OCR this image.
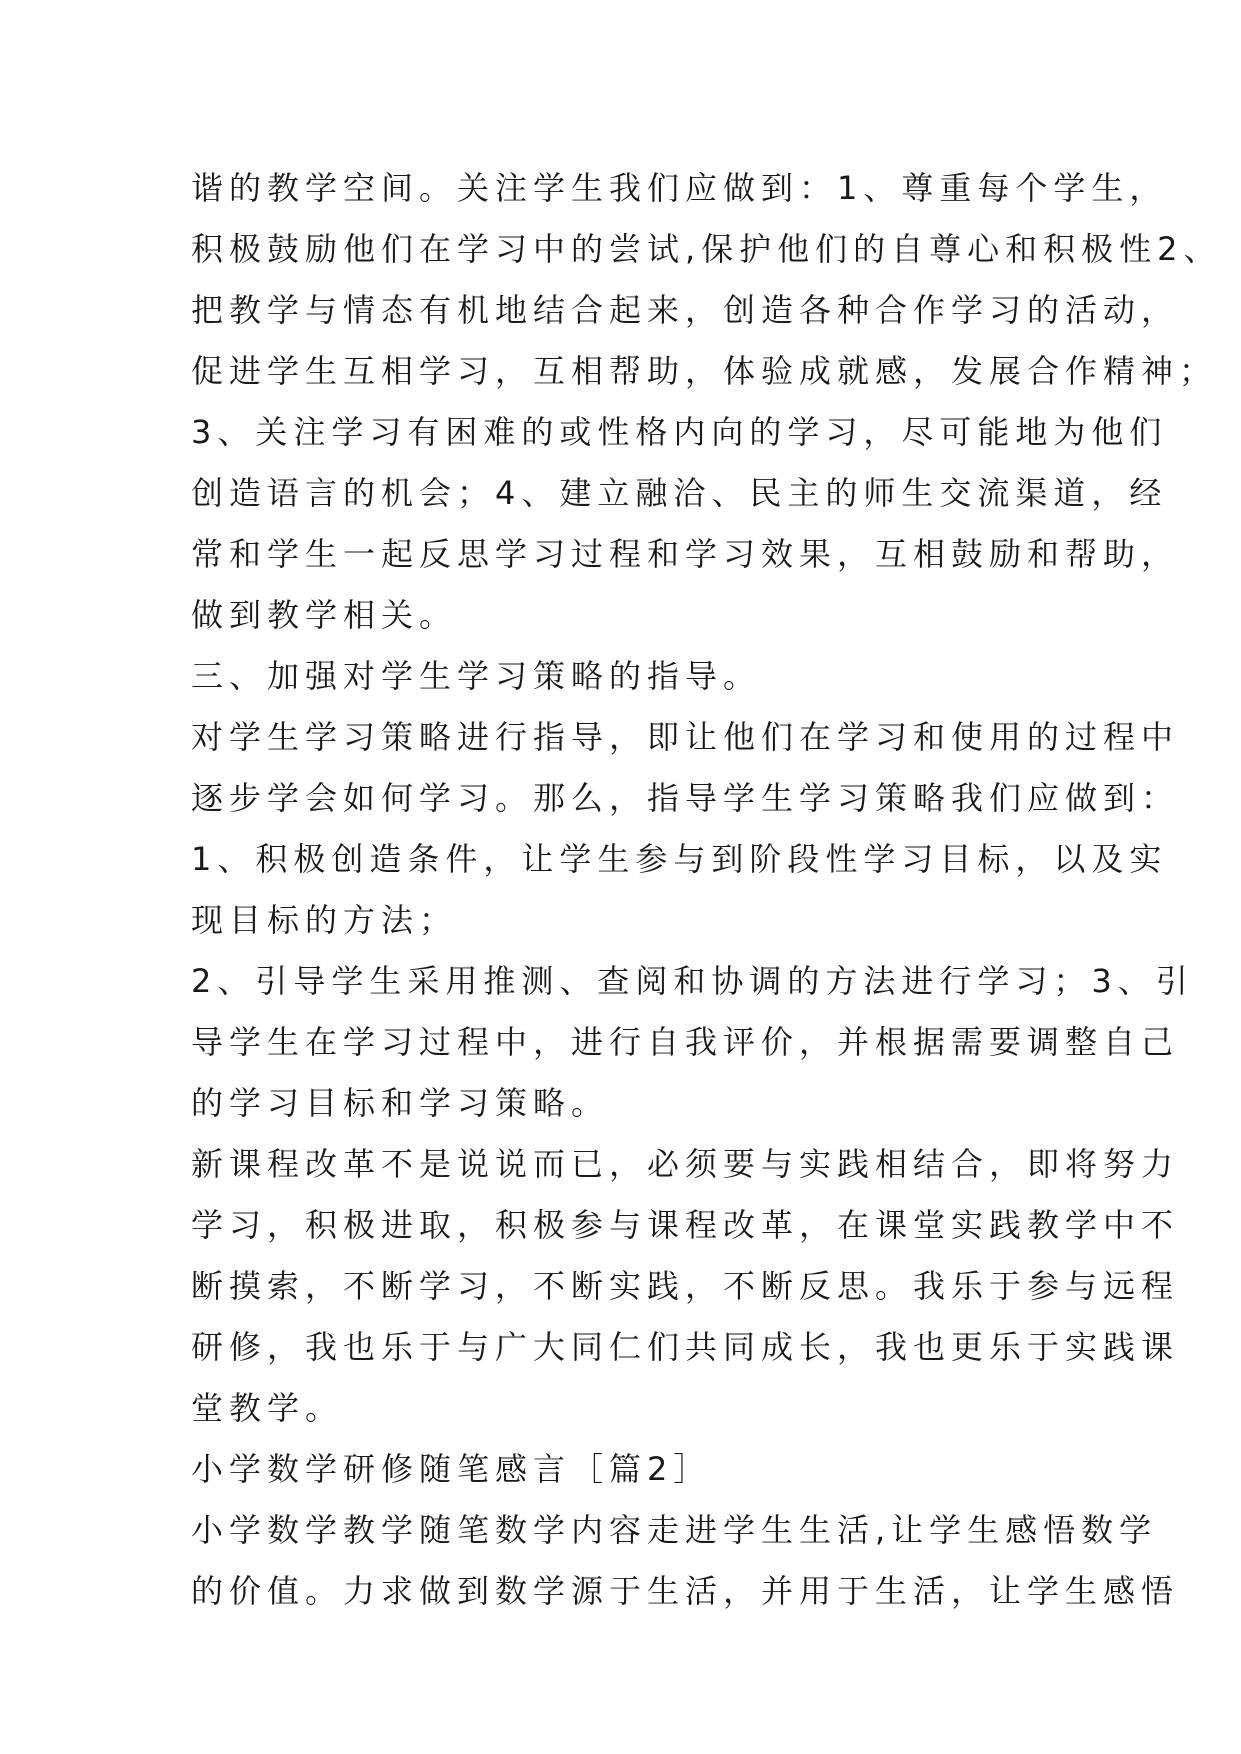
谐的教学空间。关注学生我们应做到：1、尊重每个学生，
积极鼓励他们在学习中的尝试,保护他们的自尊心和积极性2、
把教学与情态有机地结合起来，创造各种合作学习的活动，
促进学生互相学习，互相帮助，体验成就感，发展合作精神；
3、关注学习有困难的或性格内向的学习，尽可能地为他们
创造语言的机会；4、建立融洽、民主的师生交流渠道，经
常和学生一起反思学习过程和学习效果，互相鼓励和帮助，
做到教学相关。
三、加强对学生学习策略的指导。
对学生学习策略进行指导，即让他们在学习和使用的过程中
逐步学会如何学习。那么，指导学生学习策略我们应做到：
1、积极创造条件，让学生参与到阶段性学习目标，以及实
现目标的方法；
2、引导学生采用推测、查阅和协调的方法进行学习；3、引
导学生在学习过程中，进行自我评价，并根据需要调整自己
的学习目标和学习策略。
新课程改革不是说说而已，必须要与实践相结合，即将努力
学习，积极进取，积极参与课程改革，在课堂实践教学中不
断摸索，不断学习，不断实践，不断反思。我乐于参与远程
研修，我也乐于与广大同仁们共同成长，我也更乐于实践课
堂教学。
小学数学研修随笔感言［篇2］
小学数学教学随笔数学内容走进学生生活,让学生感悟数学
的价值。力求做到数学源于生活，并用于生活，让学生感悟
